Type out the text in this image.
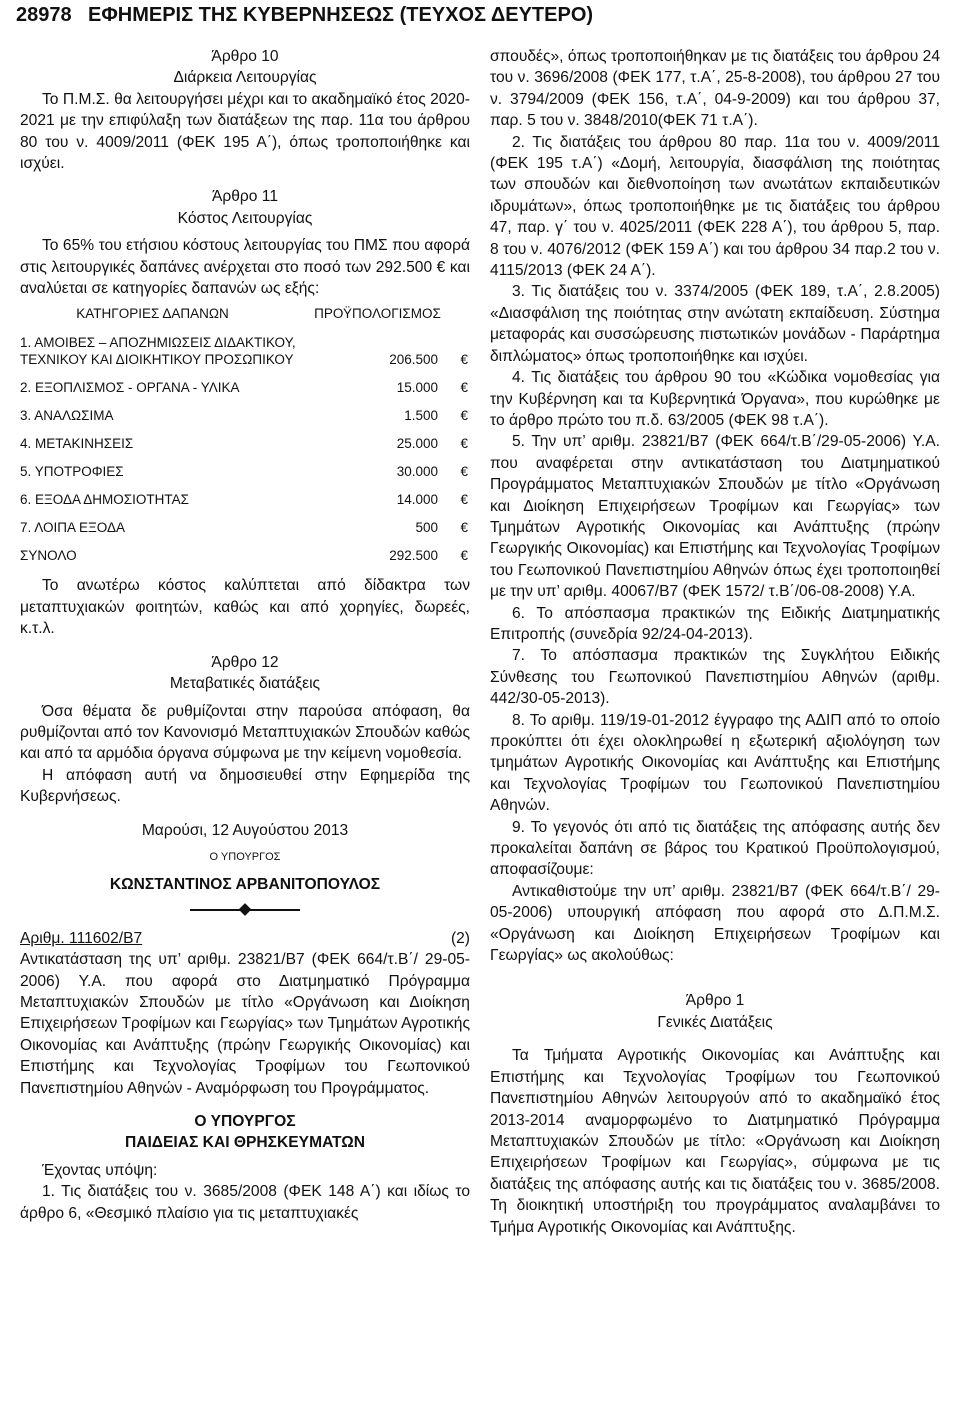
28978 ΕΦΗΜΕΡΙΣ ΤΗΣ ΚΥΒΕΡΝΗΣΕΩΣ (ΤΕΥΧΟΣ ΔΕΥΤΕΡΟ)

Άρθρο 10

Διάρκεια Λειτουργίας

Το Π.Μ.Σ. θα λειτουργήσει μέχρι και το ακαδημαϊκό έτος 2020-2021 με την επιφύλαξη των διατάξεων της παρ. 11α του άρθρου 80 του ν. 4009/2011 (ΦΕΚ 195 Α΄), όπως τροποποιήθηκε και ισχύει.

Άρθρο 11

Κόστος Λειτουργίας

Το 65% του ετήσιου κόστους λειτουργίας του ΠΜΣ που αφορά στις λειτουργικές δαπάνες ανέρχεται στο ποσό των 292.500 € και αναλύεται σε κατηγορίες δαπανών ως εξής:

ΚΑΤΗΓΟΡΙΕΣ ΔΑΠΑΝΩΝ	ΠΡΟΫΠΟΛΟΓΙΣΜΟΣ
1. ΑΜΟΙΒΕΣ – ΑΠΟΖΗΜΙΩΣΕΙΣ ΔΙΔΑΚΤΙΚΟΥ, ΤΕΧΝΙΚΟΥ ΚΑΙ ΔΙΟΙΚΗΤΙΚΟΥ ΠΡΟΣΩΠΙΚΟΥ	206.500	€
2. ΕΞΟΠΛΙΣΜΟΣ - ΟΡΓΑΝΑ - ΥΛΙΚΑ	15.000	€
3. ΑΝΑΛΩΣΙΜΑ	1.500	€
4. ΜΕΤΑΚΙΝΗΣΕΙΣ	25.000	€
5. ΥΠΟΤΡΟΦΙΕΣ	30.000	€
6. ΕΞΟΔΑ ΔΗΜΟΣΙΟΤΗΤΑΣ	14.000	€
7. ΛΟΙΠΑ ΕΞΟΔΑ	500	€
ΣΥΝΟΛΟ	292.500	€

Το ανωτέρω κόστος καλύπτεται από δίδακτρα των μεταπτυχιακών φοιτητών, καθώς και από χορηγίες, δωρεές, κ.τ.λ.

Άρθρο 12

Μεταβατικές διατάξεις

Όσα θέματα δε ρυθμίζονται στην παρούσα απόφαση, θα ρυθμίζονται από τον Κανονισμό Μεταπτυχιακών Σπουδών καθώς και από τα αρμόδια όργανα σύμφωνα με την κείμενη νομοθεσία.

Η απόφαση αυτή να δημοσιευθεί στην Εφημερίδα της Κυβερνήσεως.

Μαρούσι, 12 Αυγούστου 2013

Ο ΥΠΟΥΡΓΟΣ

ΚΩΝΣΤΑΝΤΙΝΟΣ ΑΡΒΑΝΙΤΟΠΟΥΛΟΣ

Αριθμ. 111602/Β7	(2)

Αντικατάσταση της υπ’ αριθμ. 23821/Β7 (ΦΕΚ 664/τ.Β΄/ 29-05-2006) Υ.Α. που αφορά στο Διατμηματικό Πρόγραμμα Μεταπτυχιακών Σπουδών με τίτλο «Οργάνωση και Διοίκηση Επιχειρήσεων Τροφίμων και Γεωργίας» των Τμημάτων Αγροτικής Οικονομίας και Ανάπτυξης (πρώην Γεωργικής Οικονομίας) και Επιστήμης και Τεχνολογίας Τροφίμων του Γεωπονικού Πανεπιστημίου Αθηνών - Αναμόρφωση του Προγράμματος.

Ο ΥΠΟΥΡΓΟΣ

ΠΑΙΔΕΙΑΣ ΚΑΙ ΘΡΗΣΚΕΥΜΑΤΩΝ

Έχοντας υπόψη:

1. Τις διατάξεις του ν. 3685/2008 (ΦΕΚ 148 Α΄) και ιδίως το άρθρο 6, «Θεσμικό πλαίσιο για τις μεταπτυχιακές

σπουδές», όπως τροποποιήθηκαν με τις διατάξεις του άρθρου 24 του ν. 3696/2008 (ΦΕΚ 177, τ.Α΄, 25-8-2008), του άρθρου 27 του ν. 3794/2009 (ΦΕΚ 156, τ.Α΄, 04-9-2009) και του άρθρου 37, παρ. 5 του ν. 3848/2010(ΦΕΚ 71 τ.Α΄).

2. Τις διατάξεις του άρθρου 80 παρ. 11α του ν. 4009/2011 (ΦΕΚ 195 τ.Α΄) «Δομή, λειτουργία, διασφάλιση της ποιότητας των σπουδών και διεθνοποίηση των ανωτάτων εκπαιδευτικών ιδρυμάτων», όπως τροποποιήθηκε με τις διατάξεις του άρθρου 47, παρ. γ΄ του ν. 4025/2011 (ΦΕΚ 228 Α΄), του άρθρου 5, παρ. 8 του ν. 4076/2012 (ΦΕΚ 159 Α΄) και του άρθρου 34 παρ.2 του ν. 4115/2013 (ΦΕΚ 24 Α΄).

3. Τις διατάξεις του ν. 3374/2005 (ΦΕΚ 189, τ.Α΄, 2.8.2005) «Διασφάλιση της ποιότητας στην ανώτατη εκπαίδευση. Σύστημα μεταφοράς και συσσώρευσης πιστωτικών μονάδων - Παράρτημα διπλώματος» όπως τροποποιήθηκε και ισχύει.

4. Τις διατάξεις του άρθρου 90 του «Κώδικα νομοθεσίας για την Κυβέρνηση και τα Κυβερνητικά Όργανα», που κυρώθηκε με το άρθρο πρώτο του π.δ. 63/2005 (ΦΕΚ 98 τ.Α΄).

5. Την υπ’ αριθμ. 23821/Β7 (ΦΕΚ 664/τ.Β΄/29-05-2006) Υ.Α. που αναφέρεται στην αντικατάσταση του Διατμηματικού Προγράμματος Μεταπτυχιακών Σπουδών με τίτλο «Οργάνωση και Διοίκηση Επιχειρήσεων Τροφίμων και Γεωργίας» των Τμημάτων Αγροτικής Οικονομίας και Ανάπτυξης (πρώην Γεωργικής Οικονομίας) και Επιστήμης και Τεχνολογίας Τροφίμων του Γεωπονικού Πανεπιστημίου Αθηνών όπως έχει τροποποιηθεί με την υπ’ αριθμ. 40067/Β7 (ΦΕΚ 1572/ τ.Β΄/06-08-2008) Υ.Α.

6. Το απόσπασμα πρακτικών της Ειδικής Διατμηματικής Επιτροπής (συνεδρία 92/24-04-2013).

7. Το απόσπασμα πρακτικών της Συγκλήτου Ειδικής Σύνθεσης του Γεωπονικού Πανεπιστημίου Αθηνών (αριθμ. 442/30-05-2013).

8. Το αριθμ. 119/19-01-2012 έγγραφο της ΑΔΙΠ από το οποίο προκύπτει ότι έχει ολοκληρωθεί η εξωτερική αξιολόγηση των τμημάτων Αγροτικής Οικονομίας και Ανάπτυξης και Επιστήμης και Τεχνολογίας Τροφίμων του Γεωπονικού Πανεπιστημίου Αθηνών.

9. Το γεγονός ότι από τις διατάξεις της απόφασης αυτής δεν προκαλείται δαπάνη σε βάρος του Κρατικού Προϋπολογισμού, αποφασίζουμε:

Αντικαθιστούμε την υπ’ αριθμ. 23821/Β7 (ΦΕΚ 664/τ.Β΄/ 29-05-2006) υπουργική απόφαση που αφορά στο Δ.Π.Μ.Σ. «Οργάνωση και Διοίκηση Επιχειρήσεων Τροφίμων και Γεωργίας» ως ακολούθως:

Άρθρο 1

Γενικές Διατάξεις

Τα Τμήματα Αγροτικής Οικονομίας και Ανάπτυξης και Επιστήμης και Τεχνολογίας Τροφίμων του Γεωπονικού Πανεπιστημίου Αθηνών λειτουργούν από το ακαδημαϊκό έτος 2013-2014 αναμορφωμένο το Διατμηματικό Πρόγραμμα Μεταπτυχιακών Σπουδών με τίτλο: «Οργάνωση και Διοίκηση Επιχειρήσεων Τροφίμων και Γεωργίας», σύμφωνα με τις διατάξεις της απόφασης αυτής και τις διατάξεις του ν. 3685/2008. Τη διοικητική υποστήριξη του προγράμματος αναλαμβάνει το Τμήμα Αγροτικής Οικονομίας και Ανάπτυξης.
